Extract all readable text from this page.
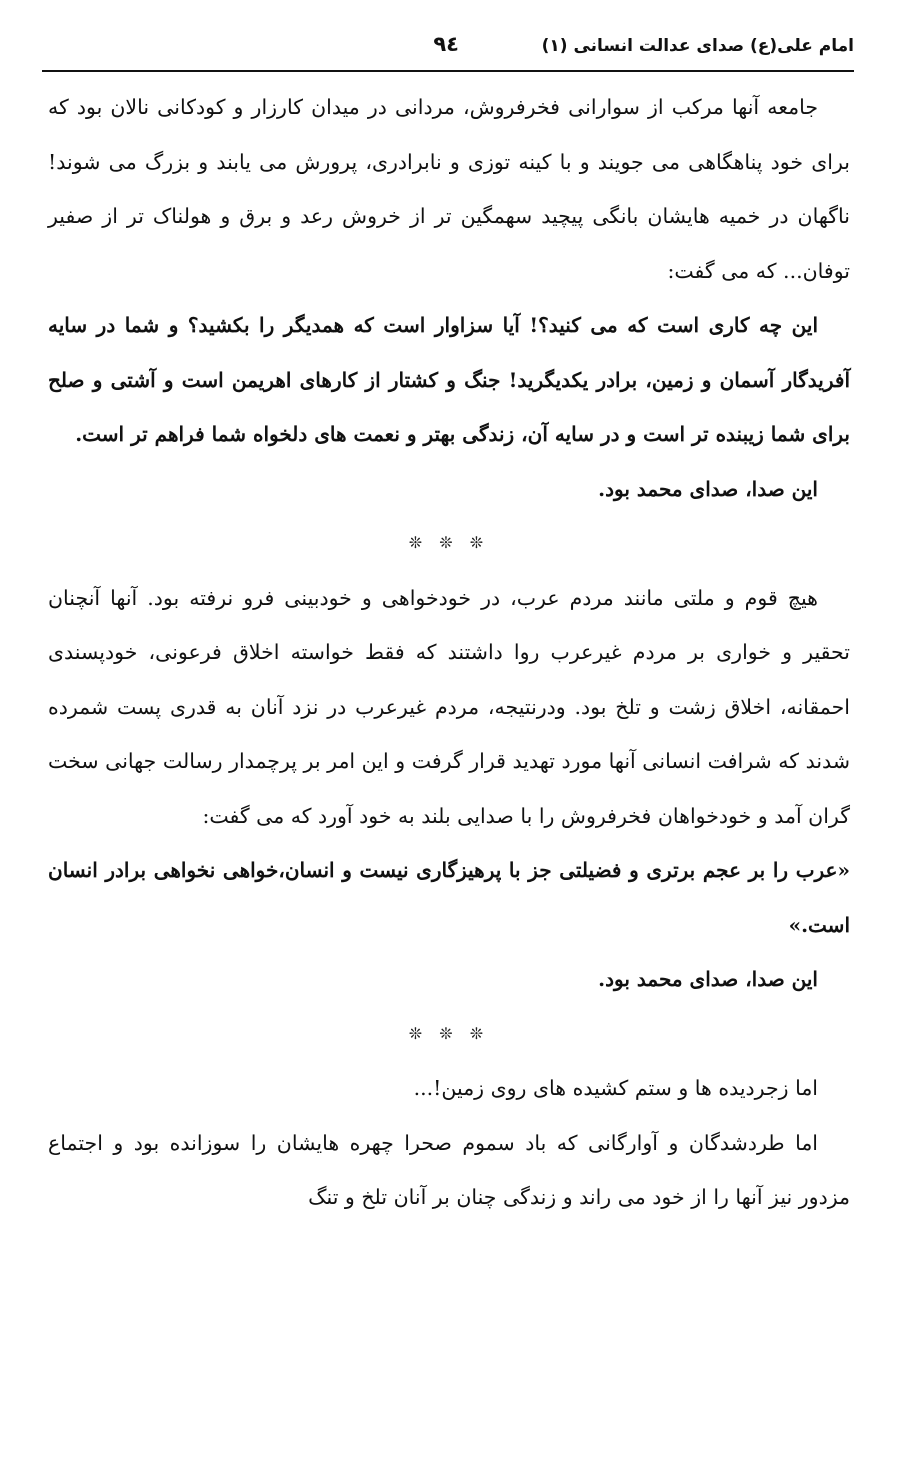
امام علی(ع) صدای عدالت انسانی (۱)
۹٤

جامعه آنها مرکب از سوارانی فخرفروش، مردانی در میدان کارزار و کودکانی نالان بود که برای خود پناهگاهی می جویند و با کینه توزی و نابرادری، پرورش می یابند و بزرگ می شوند! ناگهان در خمیه هایشان بانگی پیچید سهمگین تر از خروش رعد و برق و هولناک تر از صفیر توفان... که می گفت:

این چه کاری است که می کنید؟! آیا سزاوار است که همدیگر را بکشید؟ و شما در سایه آفریدگار آسمان و زمین، برادر یکدیگرید! جنگ و کشتار از کارهای اهریمن است و آشتی و صلح برای شما زیبنده تر است و در سایه آن، زندگی بهتر و نعمت های دلخواه شما فراهم تر است.

این صدا، صدای محمد بود.

❊ ❊ ❊

هیچ قوم و ملتی مانند مردم عرب، در خودخواهی و خودبینی فرو نرفته بود. آنها آنچنان تحقیر و خواری بر مردم غیرعرب روا داشتند که فقط خواسته اخلاق فرعونی، خودپسندی احمقانه، اخلاق زشت و تلخ بود. ودرنتیجه، مردم غیرعرب در نزد آنان به قدری پست شمرده شدند که شرافت انسانی آنها مورد تهدید قرار گرفت و این امر بر پرچمدار رسالت جهانی سخت گران آمد و خودخواهان فخرفروش را با صدایی بلند به خود آورد که می گفت:

«عرب را بر عجم برتری و فضیلتی جز با پرهیزگاری نیست و انسان،خواهی نخواهی برادر انسان است.»

این صدا، صدای محمد بود.

❊ ❊ ❊

اما زجردیده ها و ستم کشیده های روی زمین!...

اما طردشدگان و آوارگانی که باد سموم صحرا چهره هایشان را سوزانده بود و اجتماع مزدور نیز آنها را از خود می راند و زندگی چنان بر آنان تلخ و تنگ
